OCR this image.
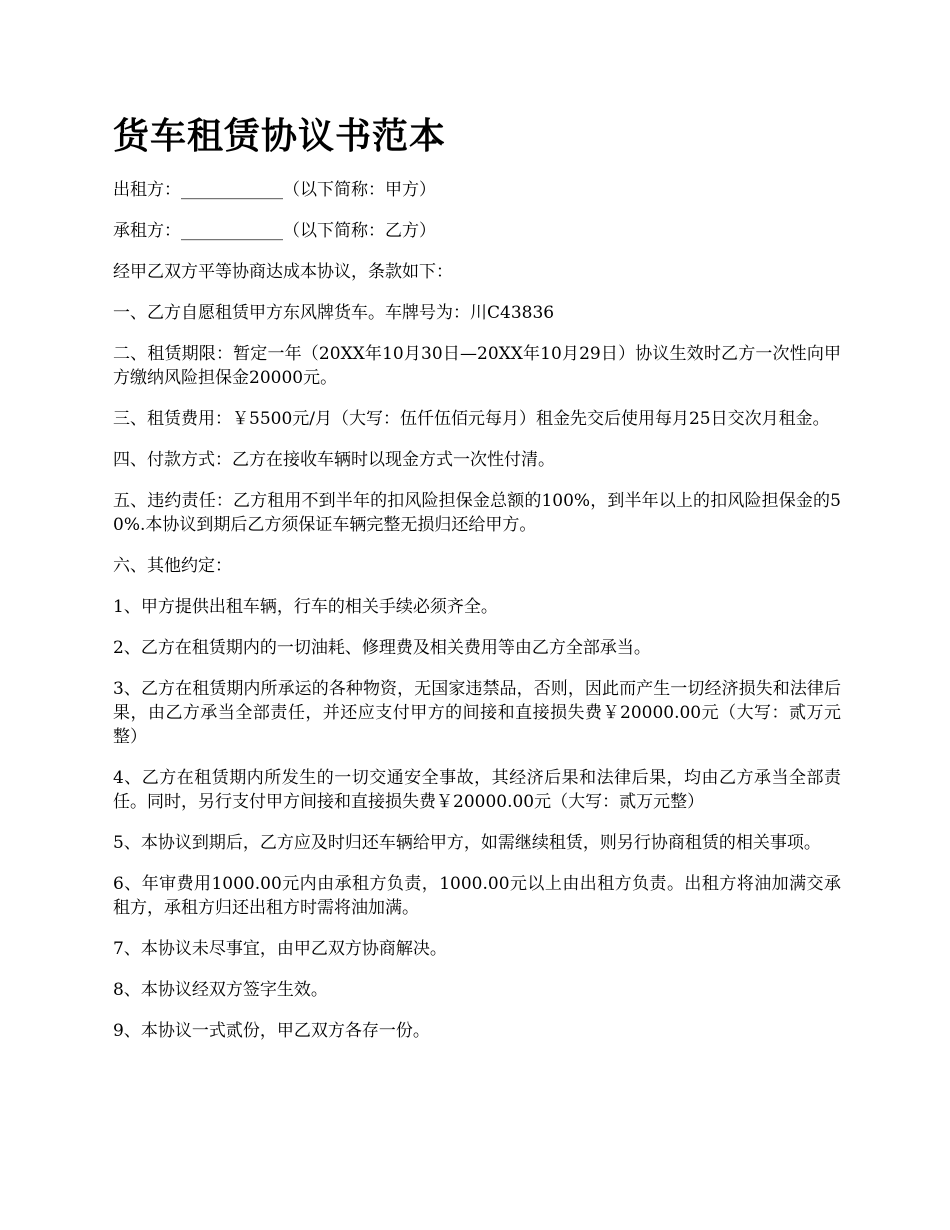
货车租赁协议书范本

出租方：____________（以下简称：甲方）

承租方：____________（以下简称：乙方）

经甲乙双方平等协商达成本协议，条款如下：

一、乙方自愿租赁甲方东风牌货车。车牌号为：川C43836

二、租赁期限：暂定一年（20XX年10月30日—20XX年10月29日）协议生效时乙方一次性向甲方缴纳风险担保金20000元。

三、租赁费用：￥5500元/月（大写：伍仟伍佰元每月）租金先交后使用每月25日交次月租金。

四、付款方式：乙方在接收车辆时以现金方式一次性付清。

五、违约责任：乙方租用不到半年的扣风险担保金总额的100%，到半年以上的扣风险担保金的50%.本协议到期后乙方须保证车辆完整无损归还给甲方。

六、其他约定：

1、甲方提供出租车辆，行车的相关手续必须齐全。

2、乙方在租赁期内的一切油耗、修理费及相关费用等由乙方全部承当。

3、乙方在租赁期内所承运的各种物资，无国家违禁品，否则，因此而产生一切经济损失和法律后果，由乙方承当全部责任，并还应支付甲方的间接和直接损失费￥20000.00元（大写：贰万元整）

4、乙方在租赁期内所发生的一切交通安全事故，其经济后果和法律后果，均由乙方承当全部责任。同时，另行支付甲方间接和直接损失费￥20000.00元（大写：贰万元整）

5、本协议到期后，乙方应及时归还车辆给甲方，如需继续租赁，则另行协商租赁的相关事项。

6、年审费用1000.00元内由承租方负责，1000.00元以上由出租方负责。出租方将油加满交承租方，承租方归还出租方时需将油加满。

7、本协议未尽事宜，由甲乙双方协商解决。

8、本协议经双方签字生效。

9、本协议一式贰份，甲乙双方各存一份。
